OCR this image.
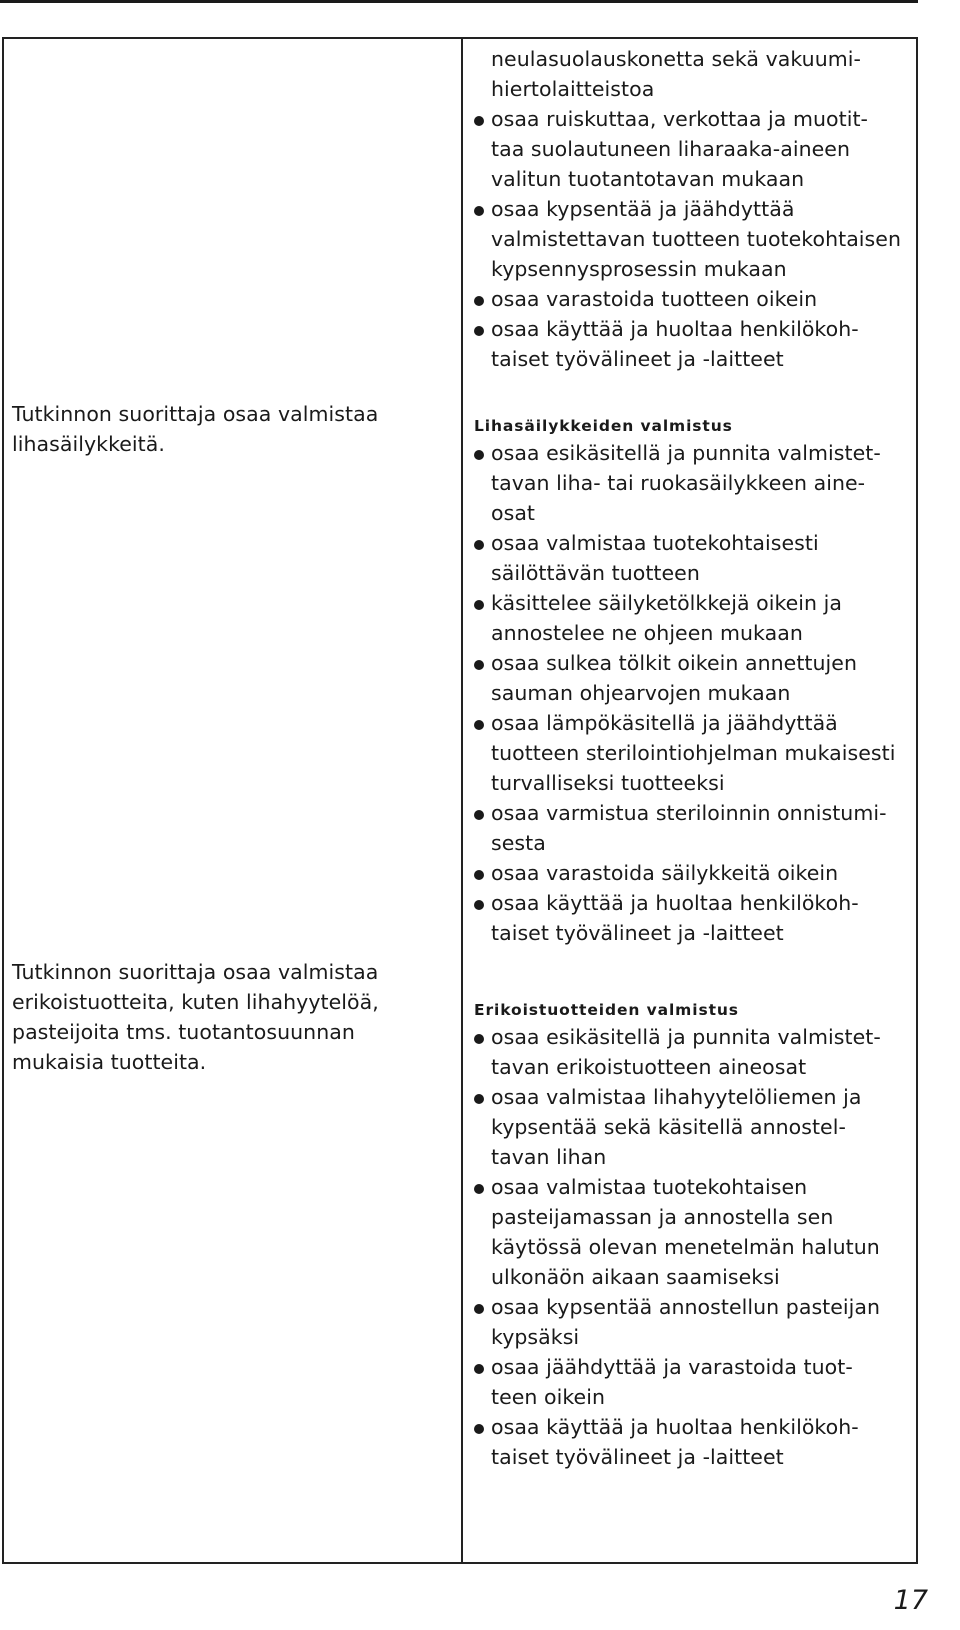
Tutkinnon suorittaja osaa valmistaa
lihasäilykkeitä.
Tutkinnon suorittaja osaa valmistaa
erikoistuotteita, kuten lihahyytelöä,
pasteijoita tms. tuotantosuunnan
mukaisia tuotteita.
neulasuolauskonetta sekä vakuumi-
hiertolaitteistoa
osaa ruiskuttaa, verkottaa ja muotit-
taa suolautuneen liharaaka-aineen
valitun tuotantotavan mukaan
osaa kypsentää ja jäähdyttää
valmistettavan tuotteen tuotekohtaisen
kypsennysprosessin mukaan
osaa varastoida tuotteen oikein
osaa käyttää ja huoltaa henkilökoh-
taiset työvälineet ja -laitteet
Lihasäilykkeiden valmistus
osaa esikäsitellä ja punnita valmistet-
tavan liha- tai ruokasäilykkeen aine-
osat
osaa valmistaa tuotekohtaisesti
säilöttävän tuotteen
käsittelee säilyketölkkejä oikein ja
annostelee ne ohjeen mukaan
osaa sulkea tölkit oikein annettujen
sauman ohjearvojen mukaan
osaa lämpökäsitellä ja jäähdyttää
tuotteen sterilointiohjelman mukaisesti
turvalliseksi tuotteeksi
osaa varmistua steriloinnin onnistumi-
sesta
osaa varastoida säilykkeitä oikein
osaa käyttää ja huoltaa henkilökoh-
taiset työvälineet ja -laitteet
Erikoistuotteiden valmistus
osaa esikäsitellä ja punnita valmistet-
tavan erikoistuotteen aineosat
osaa valmistaa lihahyytelöliemen ja
kypsentää sekä käsitellä annostel-
tavan lihan
osaa valmistaa tuotekohtaisen
pasteijamassan ja annostella sen
käytössä olevan menetelmän halutun
ulkonäön aikaan saamiseksi
osaa kypsentää annostellun pasteijan
kypsäksi
osaa jäähdyttää ja varastoida tuot-
teen oikein
osaa käyttää ja huoltaa henkilökoh-
taiset työvälineet ja -laitteet
17
